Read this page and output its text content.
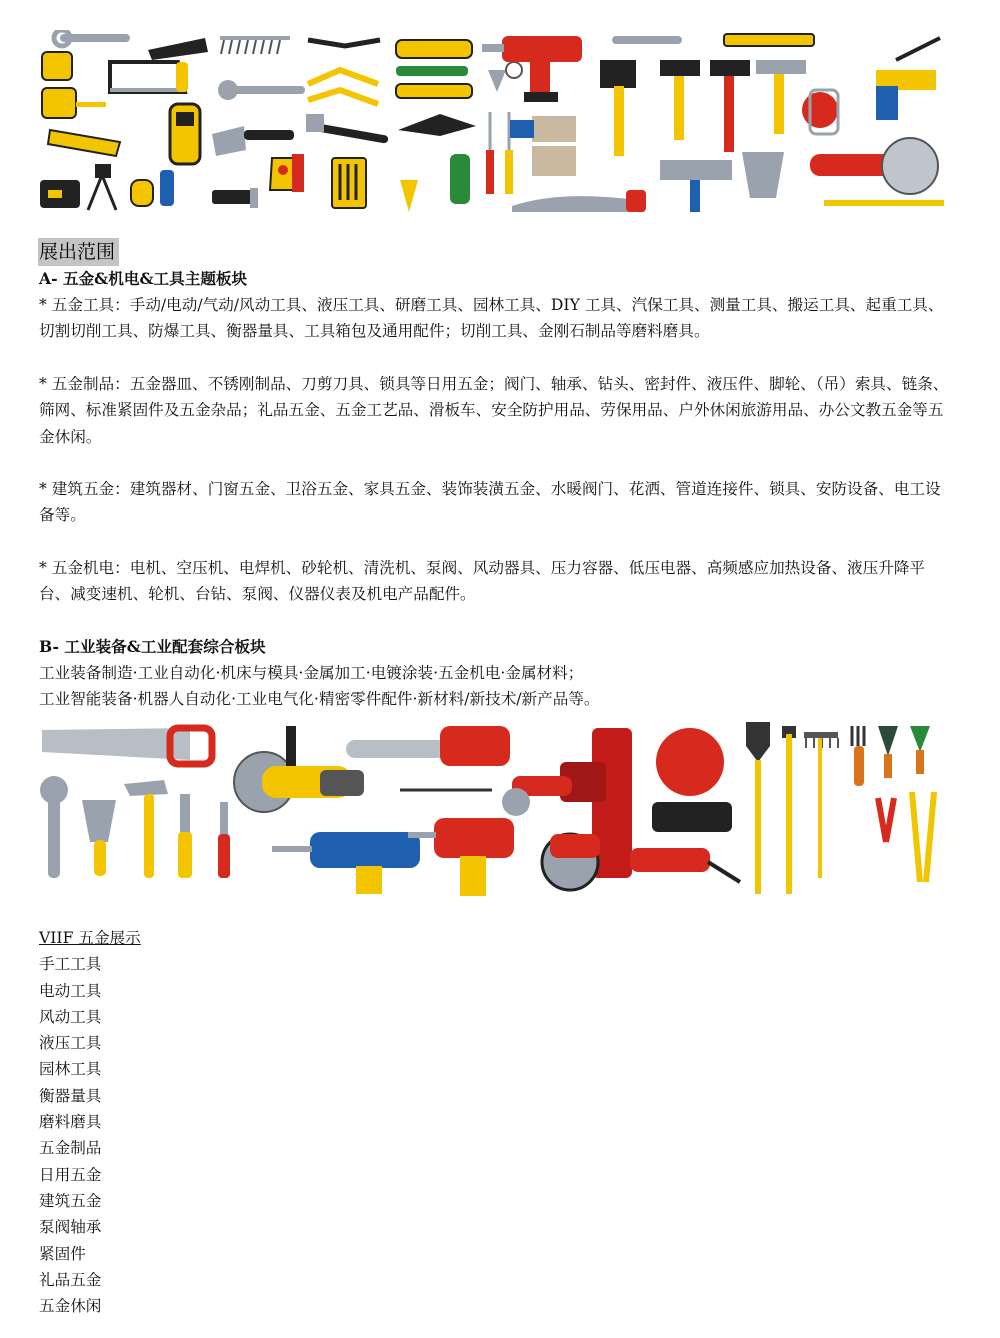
展出范围
A- 五金&机电&工具主题板块

* 五金工具：手动/电动/气动/风动工具、液压工具、研磨工具、园林工具、DIY 工具、汽保工具、测量工具、搬运工具、起重工具、切割切削工具、防爆工具、衡器量具、工具箱包及通用配件；切削工具、金刚石制品等磨料磨具。

* 五金制品：五金器皿、不锈刚制品、刀剪刀具、锁具等日用五金；阀门、轴承、钻头、密封件、液压件、脚轮、（吊）索具、链条、筛网、标准紧固件及五金杂品；礼品五金、五金工艺品、滑板车、安全防护用品、劳保用品、户外休闲旅游用品、办公文教五金等五金休闲。

* 建筑五金：建筑器材、门窗五金、卫浴五金、家具五金、装饰装潢五金、水暖阀门、花洒、管道连接件、锁具、安防设备、电工设备等。

* 五金机电：电机、空压机、电焊机、砂轮机、清洗机、泵阀、风动器具、压力容器、低压电器、高频感应加热设备、液压升降平台、减变速机、轮机、台钻、泵阀、仪器仪表及机电产品配件。

B- 工业装备&工业配套综合板块

工业装备制造·工业自动化·机床与模具·金属加工·电镀涂装·五金机电·金属材料；

工业智能装备·机器人自动化·工业电气化·精密零件配件·新材料/新技术/新产品等。

VIIF 五金展示
手工工具
电动工具
风动工具
液压工具
园林工具
衡器量具
磨料磨具
五金制品
日用五金
建筑五金
泵阀轴承
紧固件
礼品五金
五金休闲
